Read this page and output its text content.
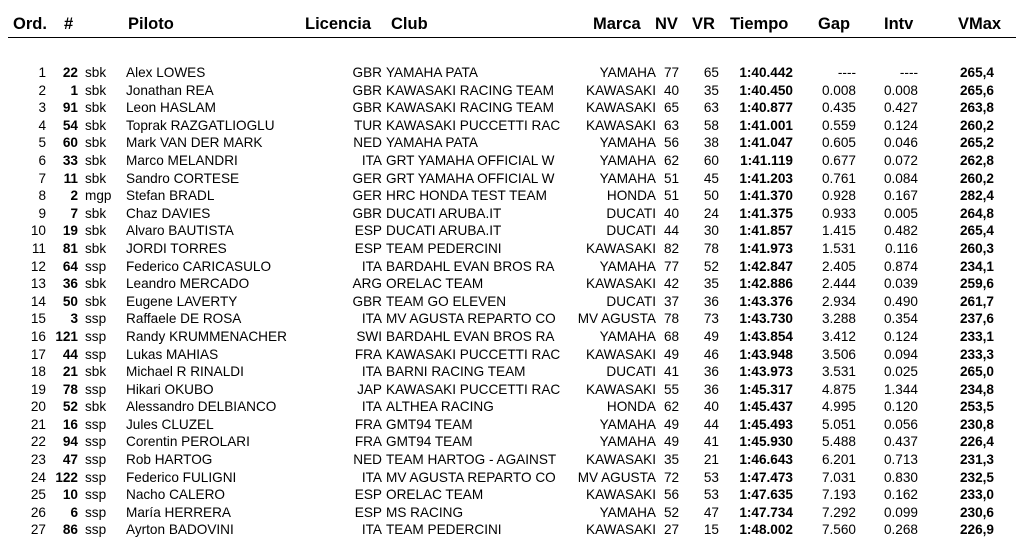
Ord. #	Piloto	Licencia Club	Marca NV VR Tiempo Gap Intv	VMax
1	22 sbk	Alex LOWES	GBR YAMAHA PATA	YAMAHA 77	65	1:40.442	----	----	265,4
2	1 sbk	Jonathan REA	GBR KAWASAKI RACING TEAM	KAWASAKI 40	35	1:40.450	0.008	0.008	265,6
3	91 sbk	Leon HASLAM	GBR KAWASAKI RACING TEAM	KAWASAKI 65	63	1:40.877	0.435	0.427	263,8
4	54 sbk	Toprak RAZGATLIOGLU	TUR KAWASAKI PUCCETTI RAC	KAWASAKI 63	58	1:41.001	0.559	0.124	260,2
5	60 sbk	Mark VAN DER MARK	NED YAMAHA PATA	YAMAHA 56	38	1:41.047	0.605	0.046	265,2
6	33 sbk	Marco MELANDRI	ITA GRT YAMAHA OFFICIAL W	YAMAHA 62	60	1:41.119	0.677	0.072	262,8
7	11 sbk	Sandro CORTESE	GER GRT YAMAHA OFFICIAL W	YAMAHA 51	45	1:41.203	0.761	0.084	260,2
8	2 mgp	Stefan BRADL	GER HRC HONDA TEST TEAM	HONDA 51	50	1:41.370	0.928	0.167	282,4
9	7 sbk	Chaz DAVIES	GBR DUCATI ARUBA.IT	DUCATI 40	24	1:41.375	0.933	0.005	264,8
10	19 sbk	Alvaro BAUTISTA	ESP DUCATI ARUBA.IT	DUCATI 44	30	1:41.857	1.415	0.482	265,4
11	81 sbk	JORDI TORRES	ESP TEAM PEDERCINI	KAWASAKI 82	78	1:41.973	1.531	0.116	260,3
12	64 ssp	Federico CARICASULO	ITA BARDAHL EVAN BROS RA	YAMAHA 77	52	1:42.847	2.405	0.874	234,1
13	36 sbk	Leandro MERCADO	ARG ORELAC TEAM	KAWASAKI 42	35	1:42.886	2.444	0.039	259,6
14	50 sbk	Eugene LAVERTY	GBR TEAM GO ELEVEN	DUCATI 37	36	1:43.376	2.934	0.490	261,7
15	3 ssp	Raffaele DE ROSA	ITA MV AGUSTA REPARTO CO	MV AGUSTA 78	73	1:43.730	3.288	0.354	237,6
16 121 ssp	Randy KRUMMENACHER	SWI BARDAHL EVAN BROS RA	YAMAHA 68	49	1:43.854	3.412	0.124	233,1
17	44 ssp	Lukas MAHIAS	FRA KAWASAKI PUCCETTI RAC	KAWASAKI 49	46	1:43.948	3.506	0.094	233,3
18	21 sbk	Michael R RINALDI	ITA BARNI RACING TEAM	DUCATI 41	36	1:43.973	3.531	0.025	265,0
19	78 ssp	Hikari OKUBO	JAP KAWASAKI PUCCETTI RAC	KAWASAKI 55	36	1:45.317	4.875	1.344	234,8
20	52 sbk	Alessandro DELBIANCO	ITA ALTHEA RACING	HONDA 62	40	1:45.437	4.995	0.120	253,5
21	16 ssp	Jules CLUZEL	FRA GMT94 TEAM	YAMAHA 49	44	1:45.493	5.051	0.056	230,8
22	94 ssp	Corentin PEROLARI	FRA GMT94 TEAM	YAMAHA 49	41	1:45.930	5.488	0.437	226,4
23	47 ssp	Rob HARTOG	NED TEAM HARTOG - AGAINST	KAWASAKI 35	21	1:46.643	6.201	0.713	231,3
24 122 ssp	Federico FULIGNI	ITA MV AGUSTA REPARTO CO	MV AGUSTA 72	53	1:47.473	7.031	0.830	232,5
25	10 ssp	Nacho CALERO	ESP ORELAC TEAM	KAWASAKI 56	53	1:47.635	7.193	0.162	233,0
26	6 ssp	María HERRERA	ESP MS RACING	YAMAHA 52	47	1:47.734	7.292	0.099	230,6
27	86 ssp	Ayrton BADOVINI	ITA TEAM PEDERCINI	KAWASAKI 27	15	1:48.002	7.560	0.268	226,9
